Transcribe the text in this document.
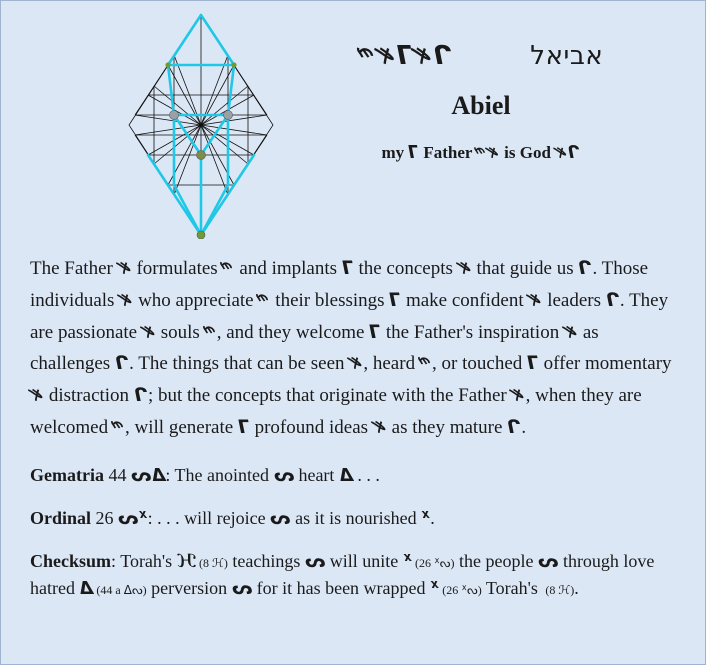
ᒉ𐤀ᒣ𐤉𐤀	אביאל
Abiel
my ᒣ Father 𐤉𐤀 is God ᒉ𐤀

The Father 𐤀 formulates 𐤉 and implants ᒣ the concepts 𐤀 that guide us ᒉ. Those individuals 𐤀 who appreciate 𐤉 their blessings ᒣ make confident 𐤀 leaders ᒉ. They are passionate 𐤀 souls 𐤉, and they welcome ᒣ the Father's inspiration 𐤀 as challenges ᒉ. The things that can be seen 𐤀, heard 𐤉, or touched ᒣ offer momentary 𐤀 distraction ᒉ; but the concepts that originate with the Father 𐤀, when they are welcomed 𐤉, will generate ᒣ profound ideas 𐤀 as they mature ᒉ.

Gematria 44 ᐃᔓ: The anointed ᔓ heart ᐃ . . .

Ordinal 26 ᕁᔓ: . . . will rejoice ᔓ as it is nourished ᕁ.

Checksum: Torah's ℋ (8 ℋ) teachings ᔓ will unite ᕁ (26 ᕁᔓ) the people ᔓ through love hatred ᐃ (44 a ᐃᔓ) perversion ᔓ for it has been wrapped ᕁ (26 ᕁᔓ) Torah's  (8 ℋ).
